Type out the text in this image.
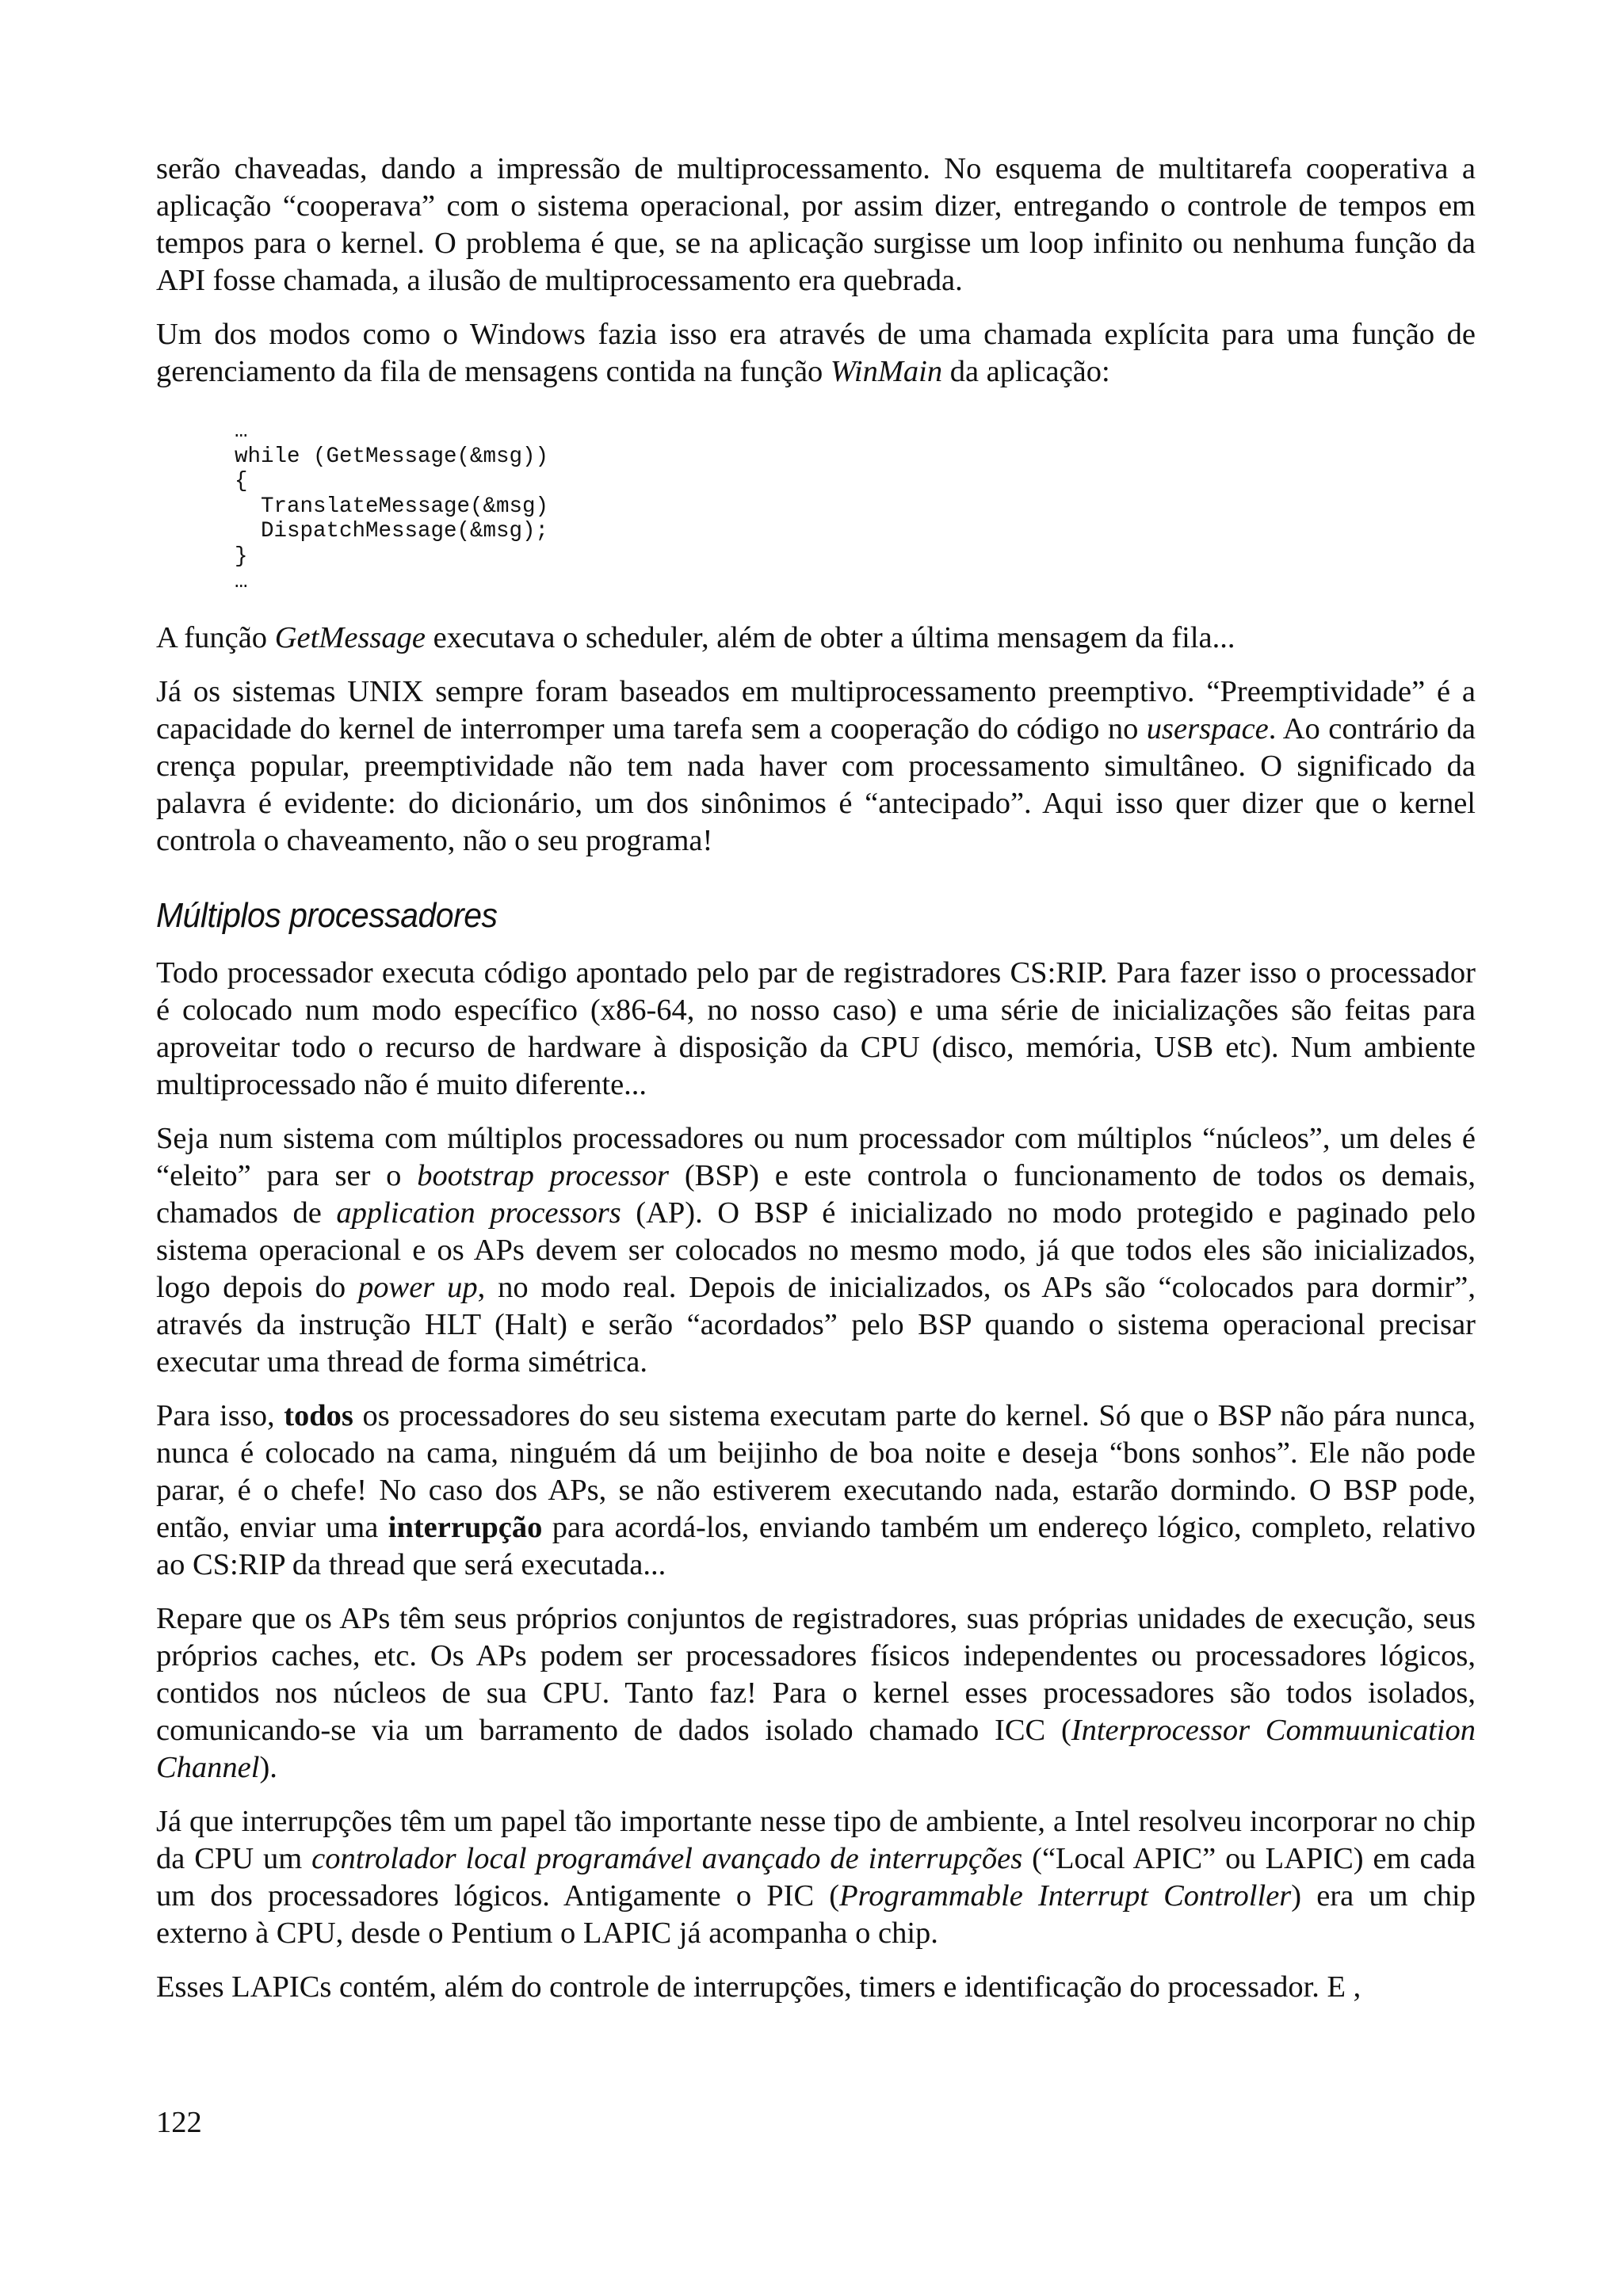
serão chaveadas, dando a impressão de multiprocessamento. No esquema de multitarefa cooperativa a aplicação “cooperava” com o sistema operacional, por assim dizer, entregando o controle de tempos em tempos para o kernel. O problema é que, se na aplicação surgisse um loop infinito ou nenhuma função da API fosse chamada, a ilusão de multiprocessamento era quebrada.

Um dos modos como o Windows fazia isso era através de uma chamada explícita para uma função de gerenciamento da fila de mensagens contida na função WinMain da aplicação:

…
while (GetMessage(&msg))
{
TranslateMessage(&msg)
DispatchMessage(&msg);
}
…

A função GetMessage executava o scheduler, além de obter a última mensagem da fila...

Já os sistemas UNIX sempre foram baseados em multiprocessamento preemptivo. “Preemptividade” é a capacidade do kernel de interromper uma tarefa sem a cooperação do código no userspace. Ao contrário da crença popular, preemptividade não tem nada haver com processamento simultâneo. O significado da palavra é evidente: do dicionário, um dos sinônimos é “antecipado”. Aqui isso quer dizer que o kernel controla o chaveamento, não o seu programa!

Múltiplos processadores

Todo processador executa código apontado pelo par de registradores CS:RIP. Para fazer isso o processador é colocado num modo específico (x86-64, no nosso caso) e uma série de inicializações são feitas para aproveitar todo o recurso de hardware à disposição da CPU (disco, memória, USB etc). Num ambiente multiprocessado não é muito diferente...

Seja num sistema com múltiplos processadores ou num processador com múltiplos “núcleos”, um deles é “eleito” para ser o bootstrap processor (BSP) e este controla o funcionamento de todos os demais, chamados de application processors (AP). O BSP é inicializado no modo protegido e paginado pelo sistema operacional e os APs devem ser colocados no mesmo modo, já que todos eles são inicializados, logo depois do power up, no modo real. Depois de inicializados, os APs são “colocados para dormir”, através da instrução HLT (Halt) e serão “acordados” pelo BSP quando o sistema operacional precisar executar uma thread de forma simétrica.

Para isso, todos os processadores do seu sistema executam parte do kernel. Só que o BSP não pára nunca, nunca é colocado na cama, ninguém dá um beijinho de boa noite e deseja “bons sonhos”. Ele não pode parar, é o chefe! No caso dos APs, se não estiverem executando nada, estarão dormindo. O BSP pode, então, enviar uma interrupção para acordá-los, enviando também um endereço lógico, completo, relativo ao CS:RIP da thread que será executada...

Repare que os APs têm seus próprios conjuntos de registradores, suas próprias unidades de execução, seus próprios caches, etc. Os APs podem ser processadores físicos independentes ou processadores lógicos, contidos nos núcleos de sua CPU. Tanto faz! Para o kernel esses processadores são todos isolados, comunicando-se via um barramento de dados isolado chamado ICC (Interprocessor Commuunication Channel).

Já que interrupções têm um papel tão importante nesse tipo de ambiente, a Intel resolveu incorporar no chip da CPU um controlador local programável avançado de interrupções (“Local APIC” ou LAPIC) em cada um dos processadores lógicos. Antigamente o PIC (Programmable Interrupt Controller) era um chip externo à CPU, desde o Pentium o LAPIC já acompanha o chip.

Esses LAPICs contém, além do controle de interrupções, timers e identificação do processador. E ,

122
